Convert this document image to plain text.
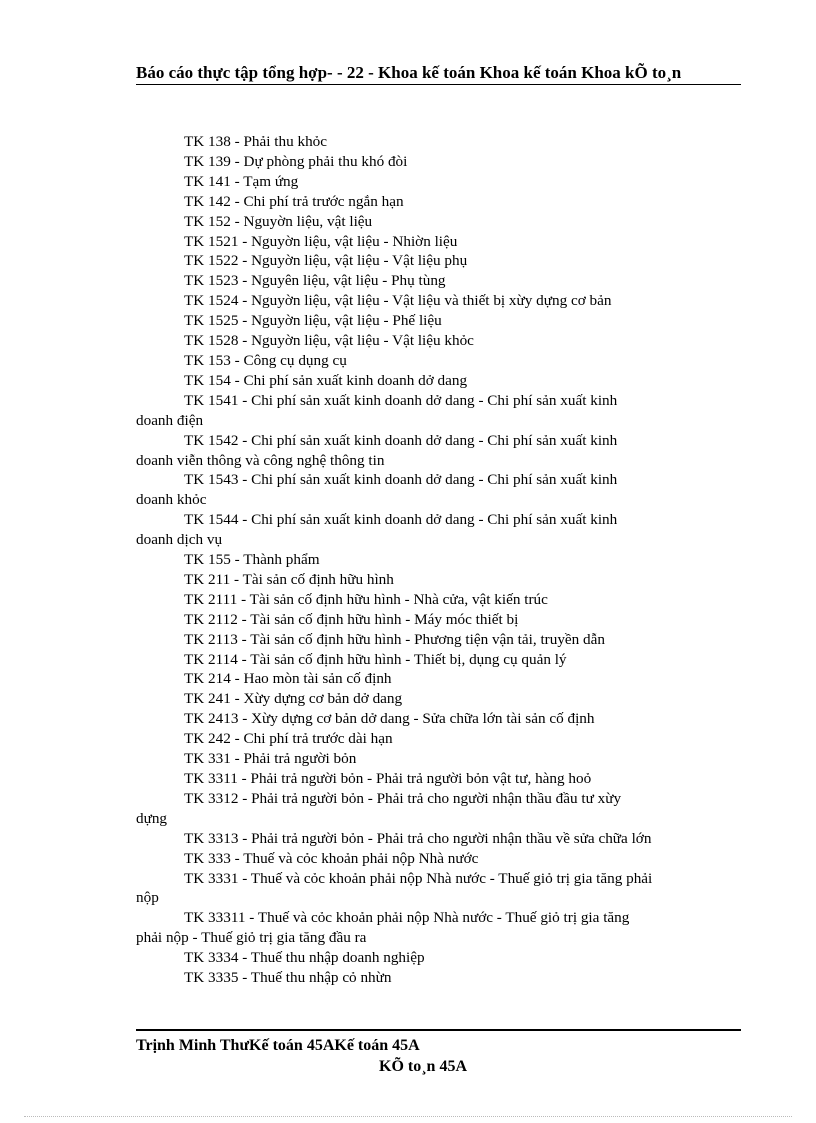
Báo cáo thực tập tổng hợp- - 22 - Khoa kế toán Khoa kế toán Khoa kÕ to¸n
TK 138 - Phải thu khỏc
TK 139 - Dự phòng phải thu khó đòi
TK 141 - Tạm ứng
TK 142 - Chi phí trả trước ngắn hạn
TK 152 - Nguyờn liệu, vật liệu
TK 1521 - Nguyờn liệu, vật liệu - Nhiờn liệu
TK 1522 - Nguyờn liệu, vật liệu - Vật liệu phụ
TK 1523 - Nguyên liệu, vật liệu - Phụ tùng
TK 1524 - Nguyờn liệu, vật liệu - Vật liệu và thiết bị xừy dựng cơ bản
TK 1525 - Nguyờn liệu, vật liệu - Phế liệu
TK 1528 - Nguyờn liệu, vật liệu - Vật liệu khỏc
TK 153 - Công cụ dụng cụ
TK 154 - Chi phí sản xuất kinh doanh dở dang
TK 1541 - Chi phí sản xuất kinh doanh dở dang - Chi phí sản xuất kinh
doanh điện
TK 1542 - Chi phí sản xuất kinh doanh dở dang - Chi phí sản xuất kinh
doanh viễn thông và công nghệ thông tin
TK 1543 - Chi phí sản xuất kinh doanh dở dang - Chi phí sản xuất kinh
doanh khỏc
TK 1544 - Chi phí sản xuất kinh doanh dở dang - Chi phí sản xuất kinh
doanh dịch vụ
TK 155 - Thành phẩm
TK 211 - Tài sản cố định hữu hình
TK 2111 - Tài sản cố định hữu hình - Nhà cửa, vật kiến trúc
TK 2112 - Tài sản cố định hữu hình - Máy móc thiết bị
TK 2113 - Tài sản cố định hữu hình - Phương tiện vận tải, truyền dẫn
TK 2114 - Tài sản cố định hữu hình - Thiết bị, dụng cụ quản lý
TK 214 - Hao mòn tài sản cố định
TK 241 - Xừy dựng cơ bản dở dang
TK 2413 - Xừy dựng cơ bản dở dang - Sửa chữa lớn tài sản cố định
TK 242 - Chi phí trả trước dài hạn
TK 331 - Phải trả người bỏn
TK 3311 - Phải trả người bỏn - Phải trả người bỏn vật tư, hàng hoỏ
TK 3312 - Phải trả người bỏn - Phải trả cho người nhận thầu đầu tư xừy
dựng
TK 3313 - Phải trả người bỏn - Phải trả cho người nhận thầu về sửa chữa lớn
TK 333 - Thuế và cỏc khoản phải nộp Nhà nước
TK 3331 - Thuế và cỏc khoản phải nộp Nhà nước - Thuế giỏ trị gia tăng phải
nộp
TK 33311 - Thuế và cỏc khoản phải nộp Nhà nước - Thuế giỏ trị gia tăng
phải nộp - Thuế giỏ trị gia tăng đầu ra
TK 3334 - Thuế thu nhập doanh nghiệp
TK 3335 - Thuế thu nhập cỏ nhừn
Trịnh Minh ThưKế toán 45AKế toán 45A
KÕ to¸n 45A
